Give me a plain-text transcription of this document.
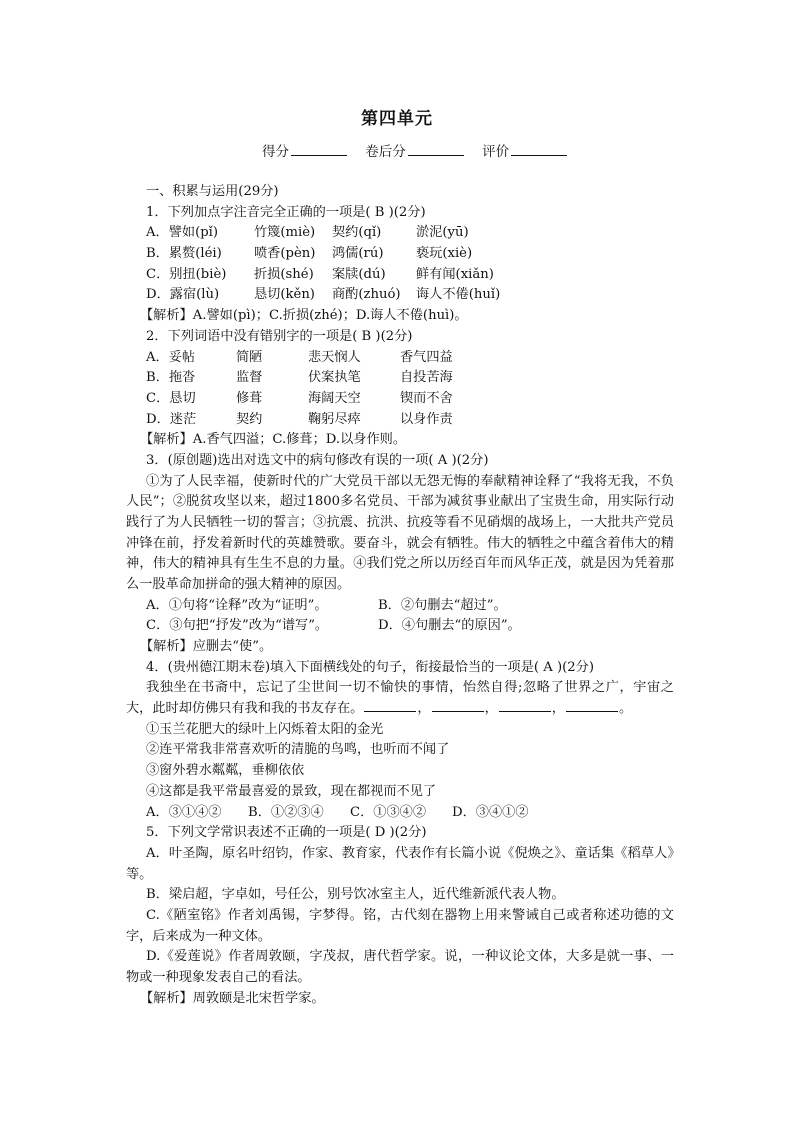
第四单元
得分	卷后分	评价
一、积累与运用(29分)
1．下列加点字注音完全正确的一项是( B )(2分)
A．譬如(pǐ)	竹篾(miè) 契约(qǐ)	淤泥(yū)
B．累赘(léi) 喷香(pèn) 鸿儒(rú) 亵玩(xiè)
C．别扭(biè) 折损(shé) 案牍(dú) 鲜有闻(xiǎn)
D．露宿(lù)	恳切(kěn) 商酌(zhuó) 诲人不倦(huǐ)
【解析】A.譬如(pì)；C.折损(zhé)；D.诲人不倦(huì)。
2．下列词语中没有错别字的一项是( B )(2分)
A．妥帖	简陋	悲天悯人	香气四益
B．拖沓	监督	伏案执笔	自投苦海
C．恳切	修葺	海阔天空	锲而不舍
D．迷茫	契约	鞠躬尽瘁	以身作责
【解析】A.香气四溢；C.修葺；D.以身作则。
3．(原创题)选出对选文中的病句修改有误的一项( A )(2分)
①为了人民幸福，使新时代的广大党员干部以无怨无悔的奉献精神诠释了“我将无我，不负人民”；②脱贫攻坚以来，超过1800多名党员、干部为减贫事业献出了宝贵生命，用实际行动践行了为人民牺牲一切的誓言；③抗震、抗洪、抗疫等看不见硝烟的战场上，一大批共产党员冲锋在前，抒发着新时代的英雄赞歌。要奋斗，就会有牺牲。伟大的牺牲之中蕴含着伟大的精神，伟大的精神具有生生不息的力量。④我们党之所以历经百年而风华正茂，就是因为凭着那么一股革命加拼命的强大精神的原因。
A．①句将“诠释”改为“证明”。	B．②句删去“超过”。
C．③句把“抒发”改为“谱写”。	D．④句删去“的原因”。
【解析】应删去“使”。
4．(贵州德江期末卷)填入下面横线处的句子，衔接最恰当的一项是( A )(2分)
我独坐在书斋中，忘记了尘世间一切不愉快的事情，怡然自得;忽略了世界之广，宇宙之大，此时却仿佛只有我和我的书友存在。	，	，	，	。
①玉兰花肥大的绿叶上闪烁着太阳的金光
②连平常我非常喜欢听的清脆的鸟鸣，也听而不闻了
③窗外碧水粼粼，垂柳依依
④这都是我平常最喜爱的景致，现在都视而不见了
A．③①④② B．①②③④ C．①③④② D．③④①②
5．下列文学常识表述不正确的一项是( D )(2分)
A．叶圣陶，原名叶绍钧，作家、教育家，代表作有长篇小说《倪焕之》、童话集《稻草人》等。
B．梁启超，字卓如，号任公，别号饮冰室主人，近代维新派代表人物。
C.《陋室铭》作者刘禹锡，字梦得。铭，古代刻在器物上用来警诫自己或者称述功德的文字，后来成为一种文体。
D.《爱莲说》作者周敦颐，字茂叔，唐代哲学家。说，一种议论文体，大多是就一事、一物或一种现象发表自己的看法。
【解析】周敦颐是北宋哲学家。
